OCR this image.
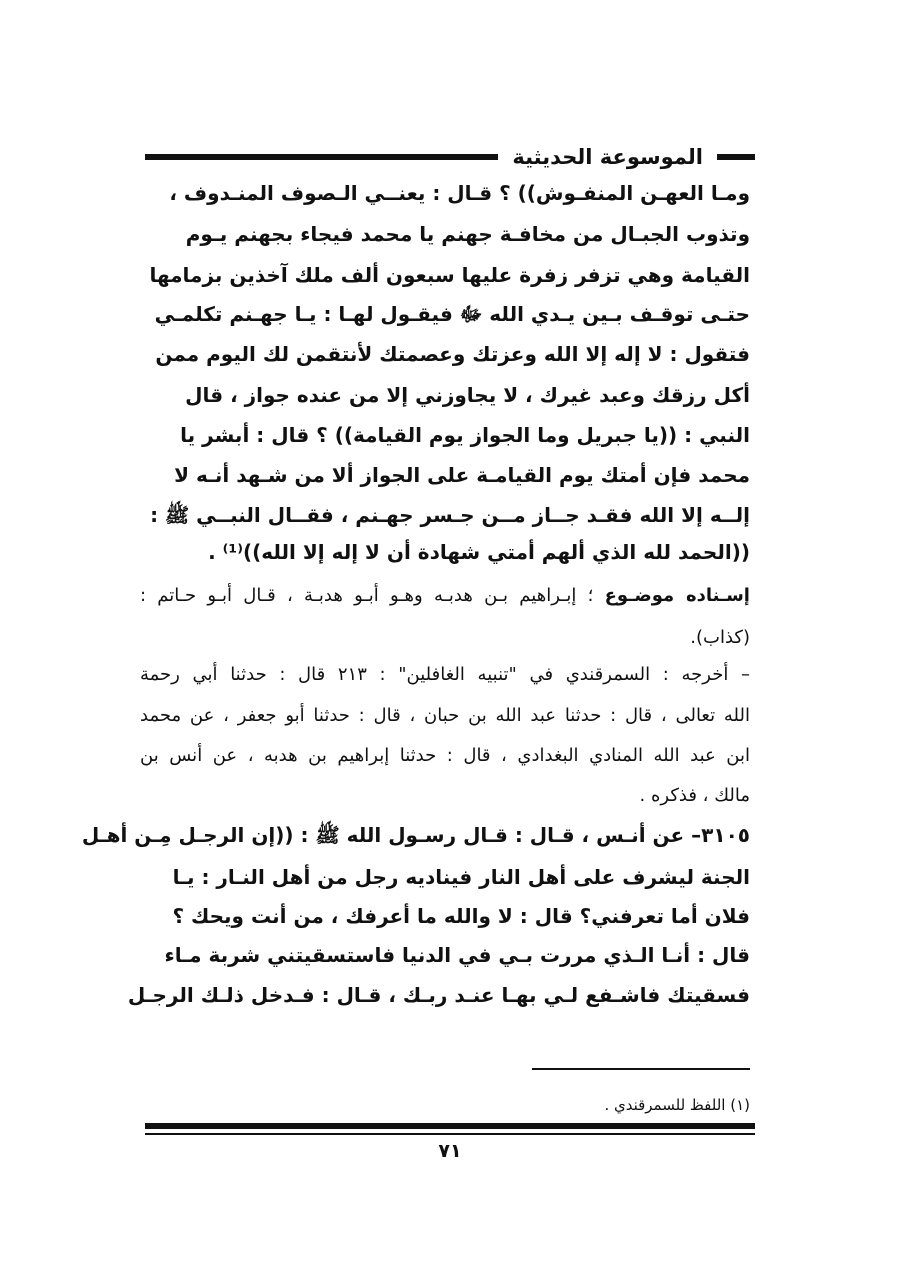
الموسوعة الحديثية
ومـا العهـن المنفـوش)) ؟ قـال : يعنــي الـصوف المنـدوف ،
وتذوب الجبـال من مخافـة جهنم يا محمد فيجاء بجهنم يـوم
القيامة وهي تزفر زفرة عليها سبعون ألف ملك آخذين بزمامها
حتـى توقـف بـين يـدي الله ﷻ فيقـول لهـا : يـا جهـنم تكلمـي
فتقول : لا إله إلا الله وعزتك وعصمتك لأنتقمن لك اليوم ممن
أكل رزقك وعبد غيرك ، لا يجاوزني إلا من عنده جواز ، قال
النبي : ((يا جبريل وما الجواز يوم القيامة)) ؟ قال : أبشر يا
محمد فإن أمتك يوم القيامـة على الجواز ألا من شـهد أنـه لا
إلــه إلا الله فقـد جــاز مــن جـسر جهـنم ، فقــال النبــي ﷺ :
((الحمد لله الذي ألهم أمتي شهادة أن لا إله إلا الله))⁽¹⁾ .
إسـناده موضـوع ؛ إبـراهيم بـن هدبـه وهـو أبـو هدبـة ، قـال أبـو حـاتم :
(كذاب).
– أخرجه : السمرقندي في "تنبيه الغافلين" : ٢١٣ قال : حدثنا أبي رحمة
الله تعالى ، قال : حدثنا عبد الله بن حبان ، قال : حدثنا أبو جعفر ، عن محمد
ابن عبد الله المنادي البغدادي ، قال : حدثنا إبراهيم بن هدبه ، عن أنس بن
مالك ، فذكره .
٣١٠٥– عن أنـس ، قـال : قـال رسـول الله ﷺ : ((إن الرجـل مِـن أهـل
الجنة ليشرف على أهل النار فيناديه رجل من أهل النـار : يـا
فلان أما تعرفني؟ قال : لا والله ما أعرفك ، من أنت ويحك ؟
قال : أنـا الـذي مررت بـي في الدنيا فاستسقيتني شربة مـاء
فسقيتك فاشـفع لـي بهـا عنـد ربـك ، قـال : فـدخل ذلـك الرجـل
(١) اللفظ للسمرقندي .
٧١
